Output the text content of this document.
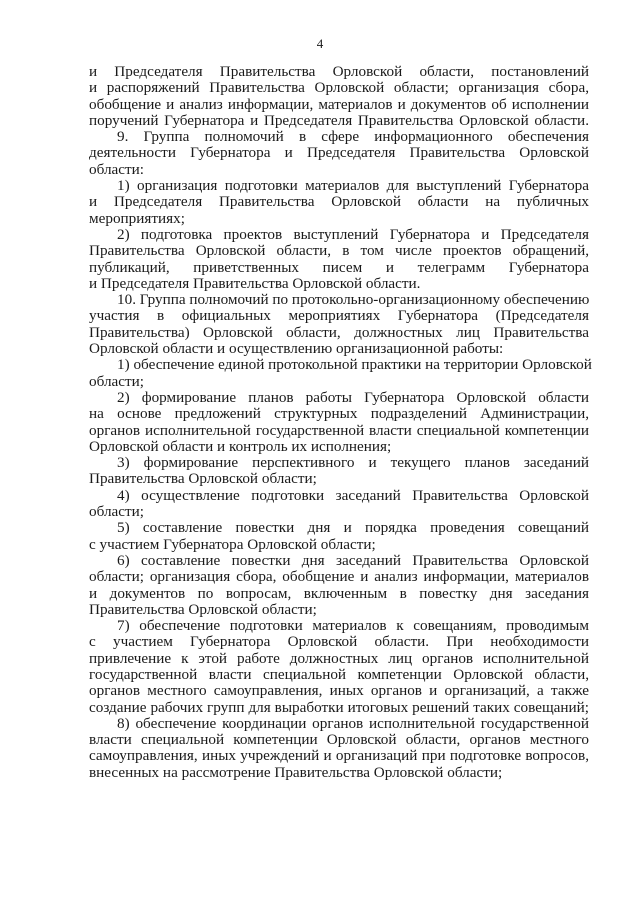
4
и Председателя Правительства Орловской области, постановлений
и распоряжений Правительства Орловской области; организация сбора,
обобщение и анализ информации, материалов и документов об исполнении
поручений Губернатора и Председателя Правительства Орловской области.
9. Группа полномочий в сфере информационного обеспечения
деятельности Губернатора и Председателя Правительства Орловской
области:
1) организация подготовки материалов для выступлений Губернатора
и Председателя Правительства Орловской области на публичных
мероприятиях;
2) подготовка проектов выступлений Губернатора и Председателя
Правительства Орловской области, в том числе проектов обращений,
публикаций, приветственных писем и телеграмм Губернатора
и Председателя Правительства Орловской области.
10. Группа полномочий по протокольно-организационному обеспечению
участия в официальных мероприятиях Губернатора (Председателя
Правительства) Орловской области, должностных лиц Правительства
Орловской области и осуществлению организационной работы:
1) обеспечение единой протокольной практики на территории Орловской
области;
2) формирование планов работы Губернатора Орловской области
на основе предложений структурных подразделений Администрации,
органов исполнительной государственной власти специальной компетенции
Орловской области и контроль их исполнения;
3) формирование перспективного и текущего планов заседаний
Правительства Орловской области;
4) осуществление подготовки заседаний Правительства Орловской
области;
5) составление повестки дня и порядка проведения совещаний
с участием Губернатора Орловской области;
6) составление повестки дня заседаний Правительства Орловской
области; организация сбора, обобщение и анализ информации, материалов
и документов по вопросам, включенным в повестку дня заседания
Правительства Орловской области;
7) обеспечение подготовки материалов к совещаниям, проводимым
с участием Губернатора Орловской области. При необходимости
привлечение к этой работе должностных лиц органов исполнительной
государственной власти специальной компетенции Орловской области,
органов местного самоуправления, иных органов и организаций, а также
создание рабочих групп для выработки итоговых решений таких совещаний;
8) обеспечение координации органов исполнительной государственной
власти специальной компетенции Орловской области, органов местного
самоуправления, иных учреждений и организаций при подготовке вопросов,
внесенных на рассмотрение Правительства Орловской области;
